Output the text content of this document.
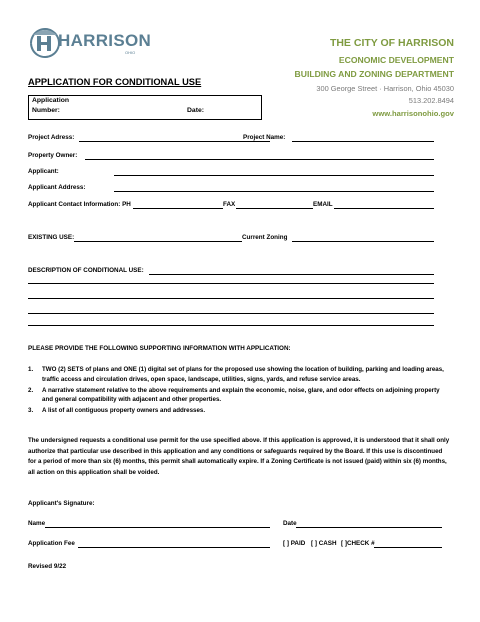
HARRISON
OHIO
APPLICATION FOR CONDITIONAL USE
THE CITY OF HARRISON
ECONOMIC DEVELOPMENT
BUILDING AND ZONING DEPARTMENT
300 George Street · Harrison, Ohio 45030
513.202.8494
www.harrisonohio.gov
Application
Number:	Date:
Project Adress:	Project Name:
Property Owner:
Applicant:
Applicant Address:
Applicant Contact Information: PH	FAX	EMAIL
EXISTING USE:	Current Zoning
DESCRIPTION OF CONDITIONAL USE:
PLEASE PROVIDE THE FOLLOWING SUPPORTING INFORMATION WITH APPLICATION:
1. TWO (2) SETS of plans and ONE (1) digital set of plans for the proposed use showing the location of building, parking and loading areas, traffic access and circulation drives, open space, landscape, utilities, signs, yards, and refuse service areas.
2. A narrative statement relative to the above requirements and explain the economic, noise, glare, and odor effects on adjoining property and general compatibility with adjacent and other properties.
3. A list of all contiguous property owners and addresses.
The undersigned requests a conditional use permit for the use specified above. If this application is approved, it is understood that it shall only authorize that particular use described in this application and any conditions or safeguards required by the Board. If this use is discontinued for a period of more than six (6) months, this permit shall automatically expire. If a Zoning Certificate is not issued (paid) within six (6) months, all action on this application shall be voided.
Applicant's Signature:
Name	Date
Application Fee	[ ] PAID [ ] CASH [ ]CHECK #
Revised 9/22
